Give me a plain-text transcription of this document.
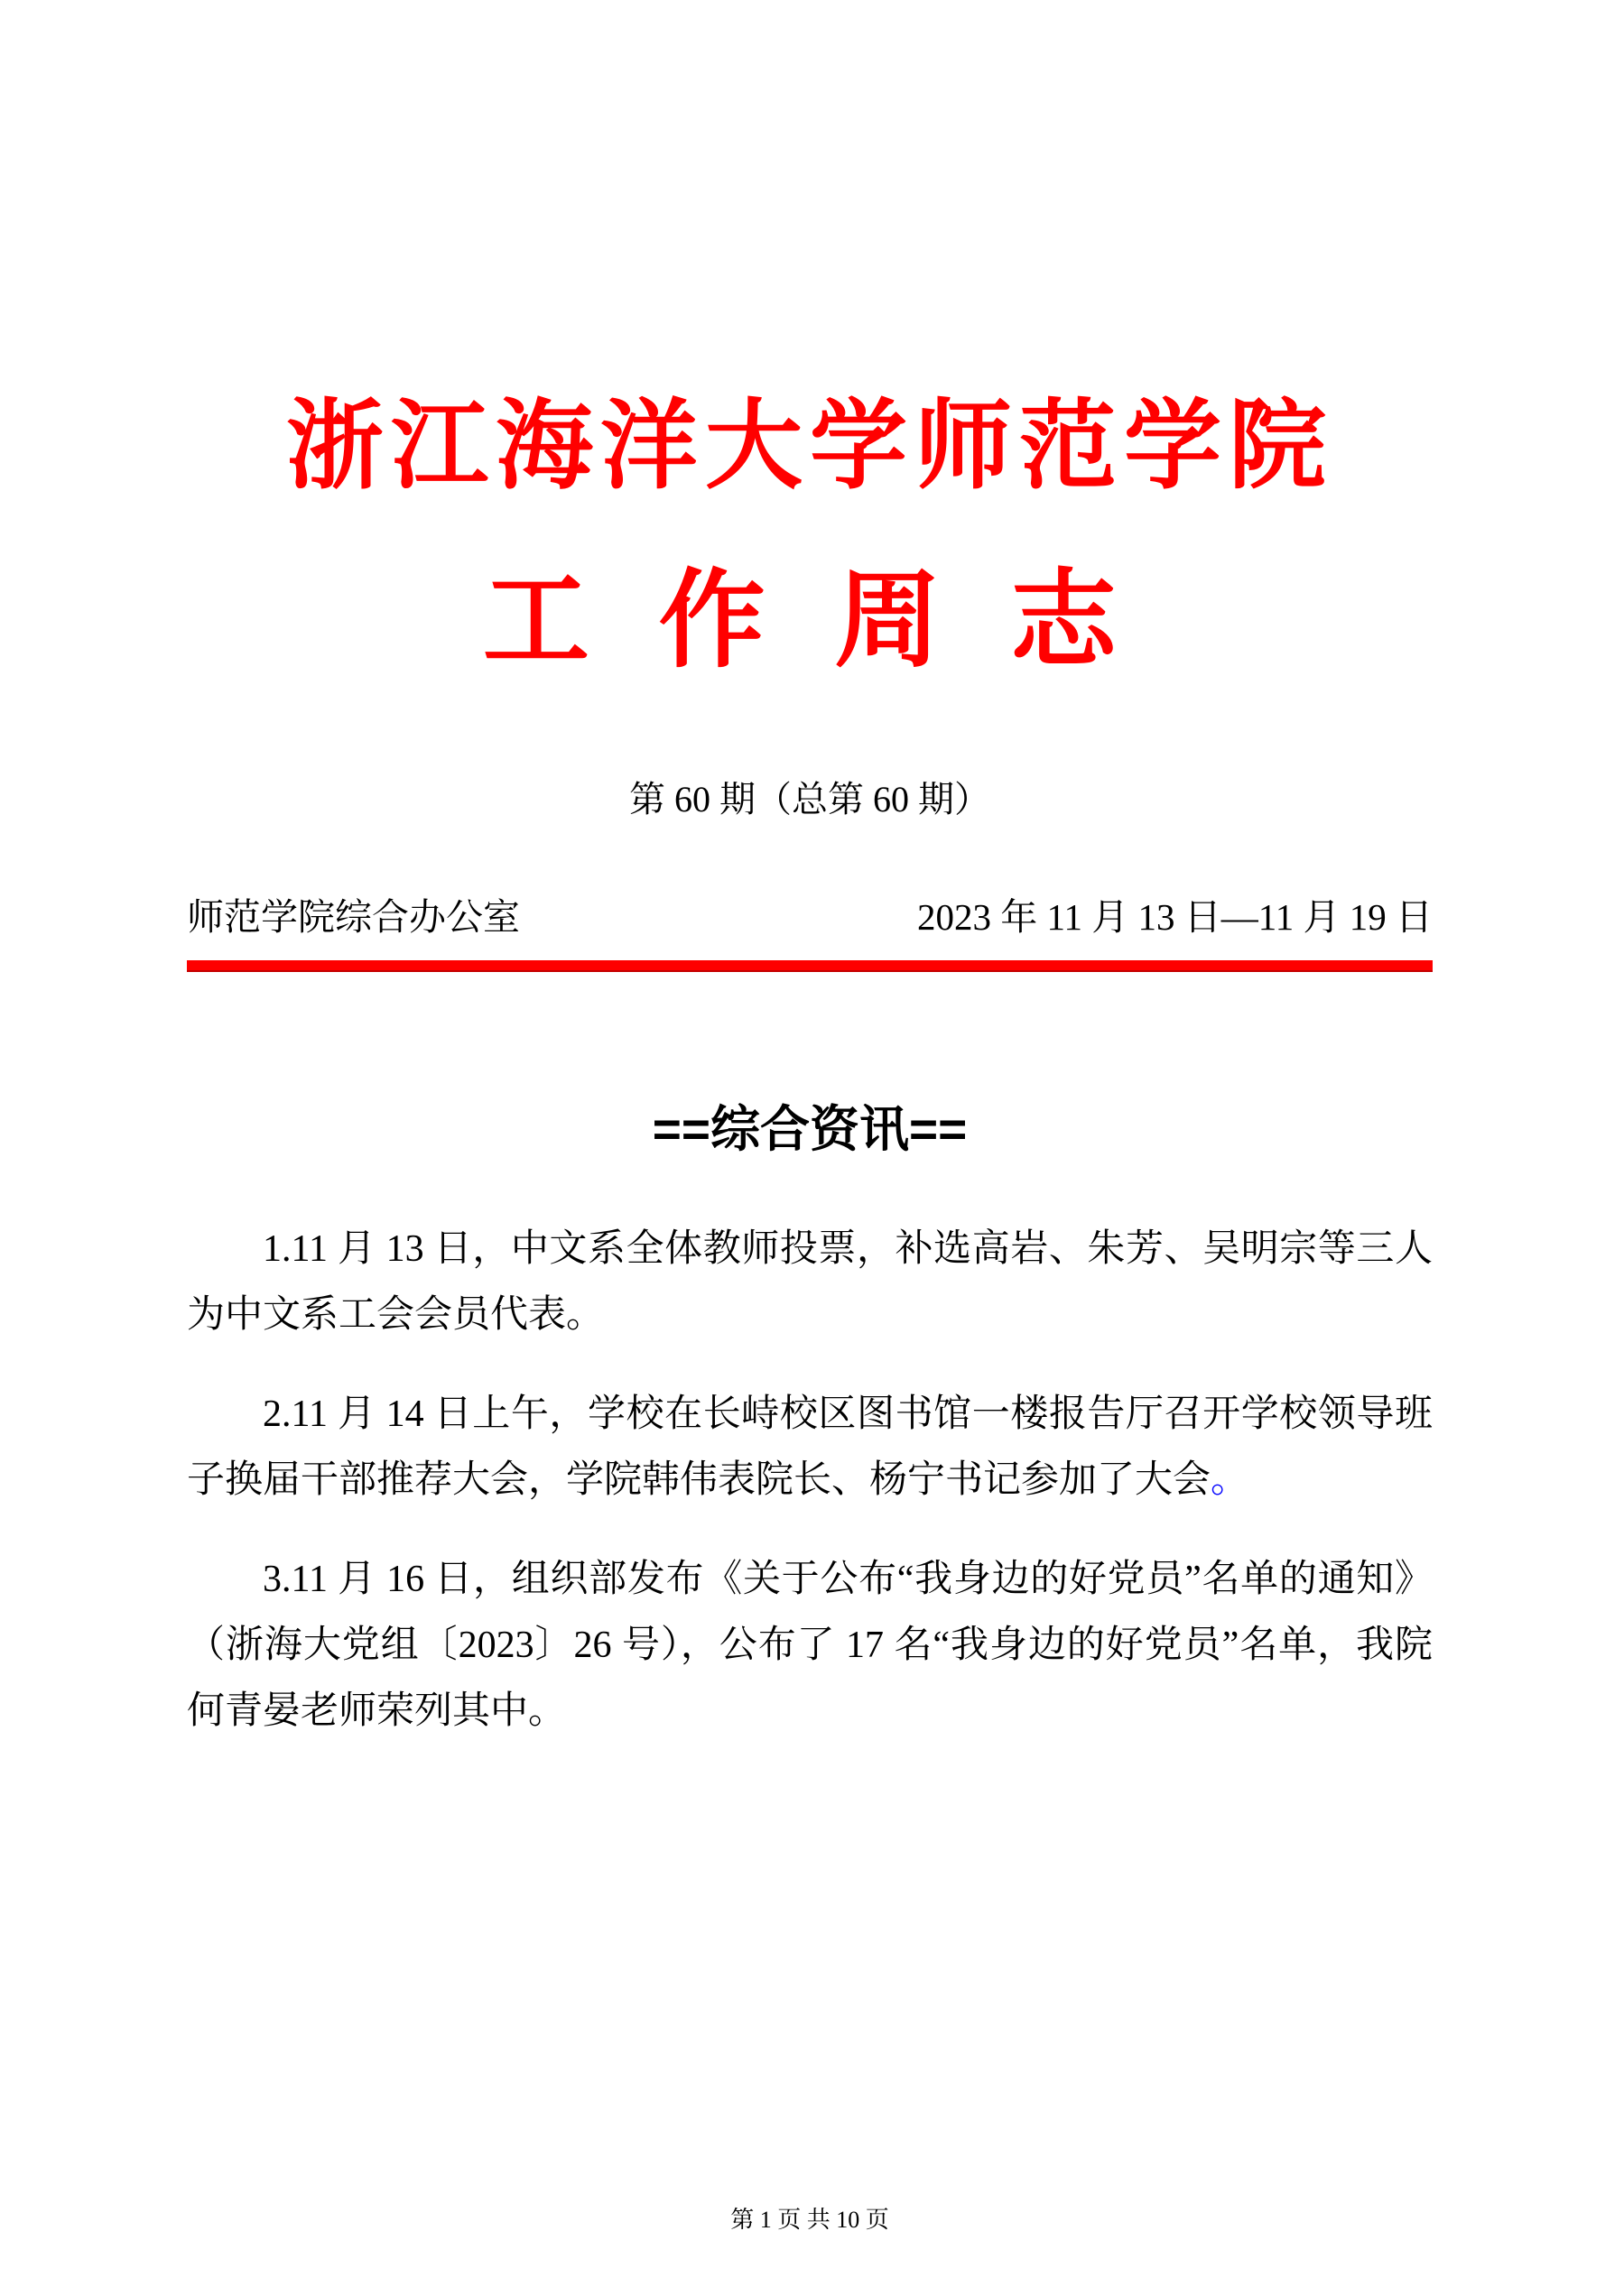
浙江海洋大学师范学院
工 作 周 志
第 60 期（总第 60 期）
师范学院综合办公室	2023 年 11 月 13 日—11 月 19 日
==综合资讯==

1.11 月 13 日，中文系全体教师投票，补选高岩、朱芳、吴明宗等三人为中文系工会会员代表。

2.11 月 14 日上午，学校在长峙校区图书馆一楼报告厅召开学校领导班子换届干部推荐大会，学院韩伟表院长、杨宁书记参加了大会。

3.11 月 16 日，组织部发布《关于公布“我身边的好党员”名单的通知》（浙海大党组〔2023〕26 号），公布了 17 名“我身边的好党员”名单，我院何青晏老师荣列其中。

第 1 页 共 10 页
